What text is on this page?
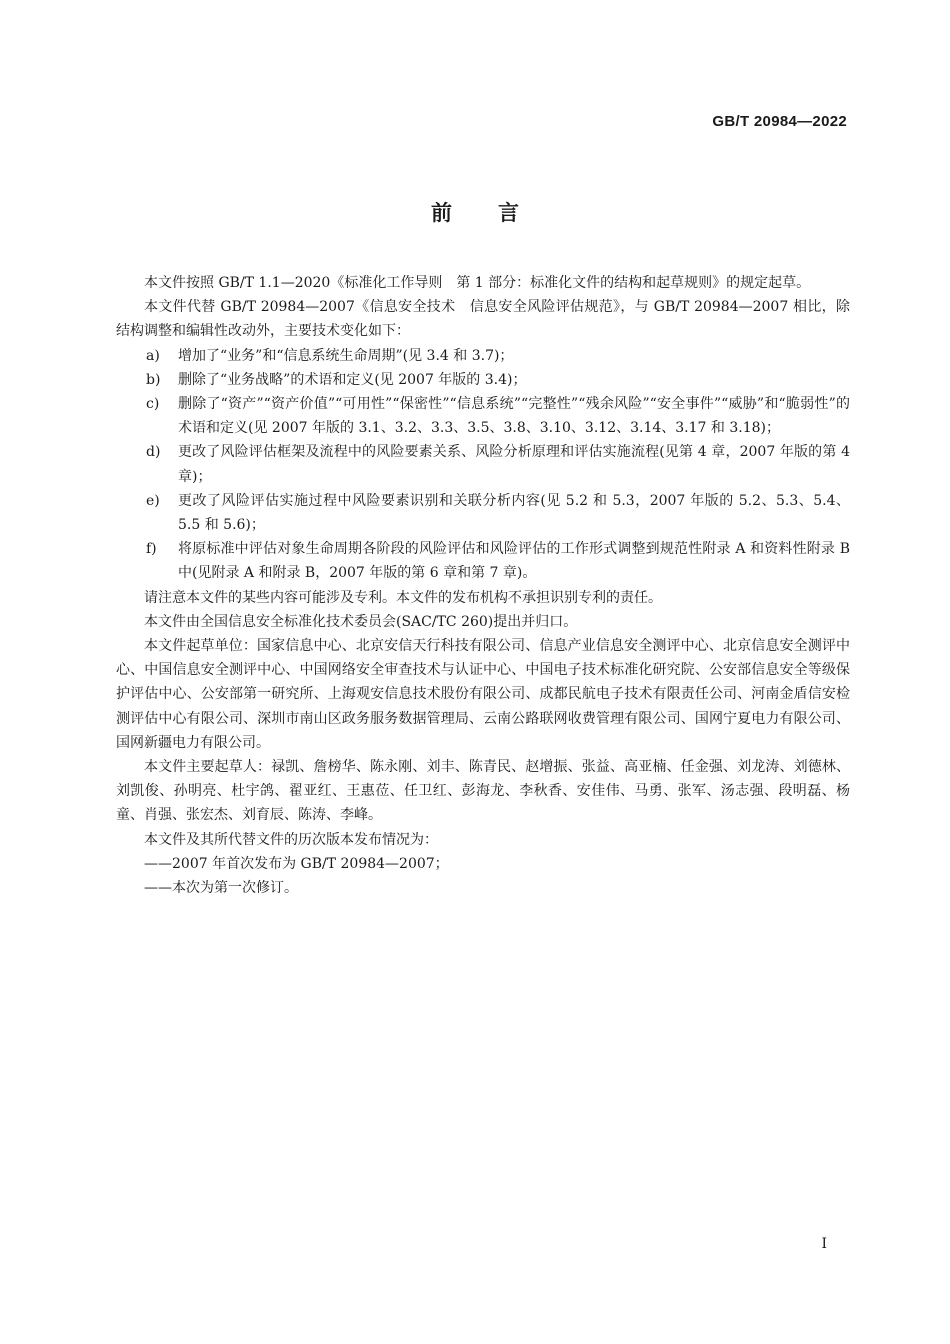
GB/T 20984—2022
前言

本文件按照 GB/T 1.1—2020《标准化工作导则　第 1 部分：标准化文件的结构和起草规则》的规定起草。

本文件代替 GB/T 20984—2007《信息安全技术　信息安全风险评估规范》，与 GB/T 20984—2007 相比，除结构调整和编辑性改动外，主要技术变化如下：

a) 增加了“业务”和“信息系统生命周期”(见 3.4 和 3.7)；

b) 删除了“业务战略”的术语和定义(见 2007 年版的 3.4)；

c) 删除了“资产”“资产价值”“可用性”“保密性”“信息系统”“完整性”“残余风险”“安全事件”“威胁”和“脆弱性”的术语和定义(见 2007 年版的 3.1、3.2、3.3、3.5、3.8、3.10、3.12、3.14、3.17 和 3.18)；

d) 更改了风险评估框架及流程中的风险要素关系、风险分析原理和评估实施流程(见第 4 章，2007 年版的第 4 章)；

e) 更改了风险评估实施过程中风险要素识别和关联分析内容(见 5.2 和 5.3，2007 年版的 5.2、5.3、5.4、5.5 和 5.6)；

f) 将原标准中评估对象生命周期各阶段的风险评估和风险评估的工作形式调整到规范性附录 A 和资料性附录 B 中(见附录 A 和附录 B，2007 年版的第 6 章和第 7 章)。

请注意本文件的某些内容可能涉及专利。本文件的发布机构不承担识别专利的责任。

本文件由全国信息安全标准化技术委员会(SAC/TC 260)提出并归口。

本文件起草单位：国家信息中心、北京安信天行科技有限公司、信息产业信息安全测评中心、北京信息安全测评中心、中国信息安全测评中心、中国网络安全审查技术与认证中心、中国电子技术标准化研究院、公安部信息安全等级保护评估中心、公安部第一研究所、上海观安信息技术股份有限公司、成都民航电子技术有限责任公司、河南金盾信安检测评估中心有限公司、深圳市南山区政务服务数据管理局、云南公路联网收费管理有限公司、国网宁夏电力有限公司、国网新疆电力有限公司。

本文件主要起草人：禄凯、詹榜华、陈永刚、刘丰、陈青民、赵增振、张益、高亚楠、任金强、刘龙涛、刘德林、刘凯俊、孙明亮、杜宇鸽、翟亚红、王惠莅、任卫红、彭海龙、李秋香、安佳伟、马勇、张军、汤志强、段明磊、杨童、肖强、张宏杰、刘育辰、陈涛、李峰。

本文件及其所代替文件的历次版本发布情况为：

——2007 年首次发布为 GB/T 20984—2007；

——本次为第一次修订。

I
